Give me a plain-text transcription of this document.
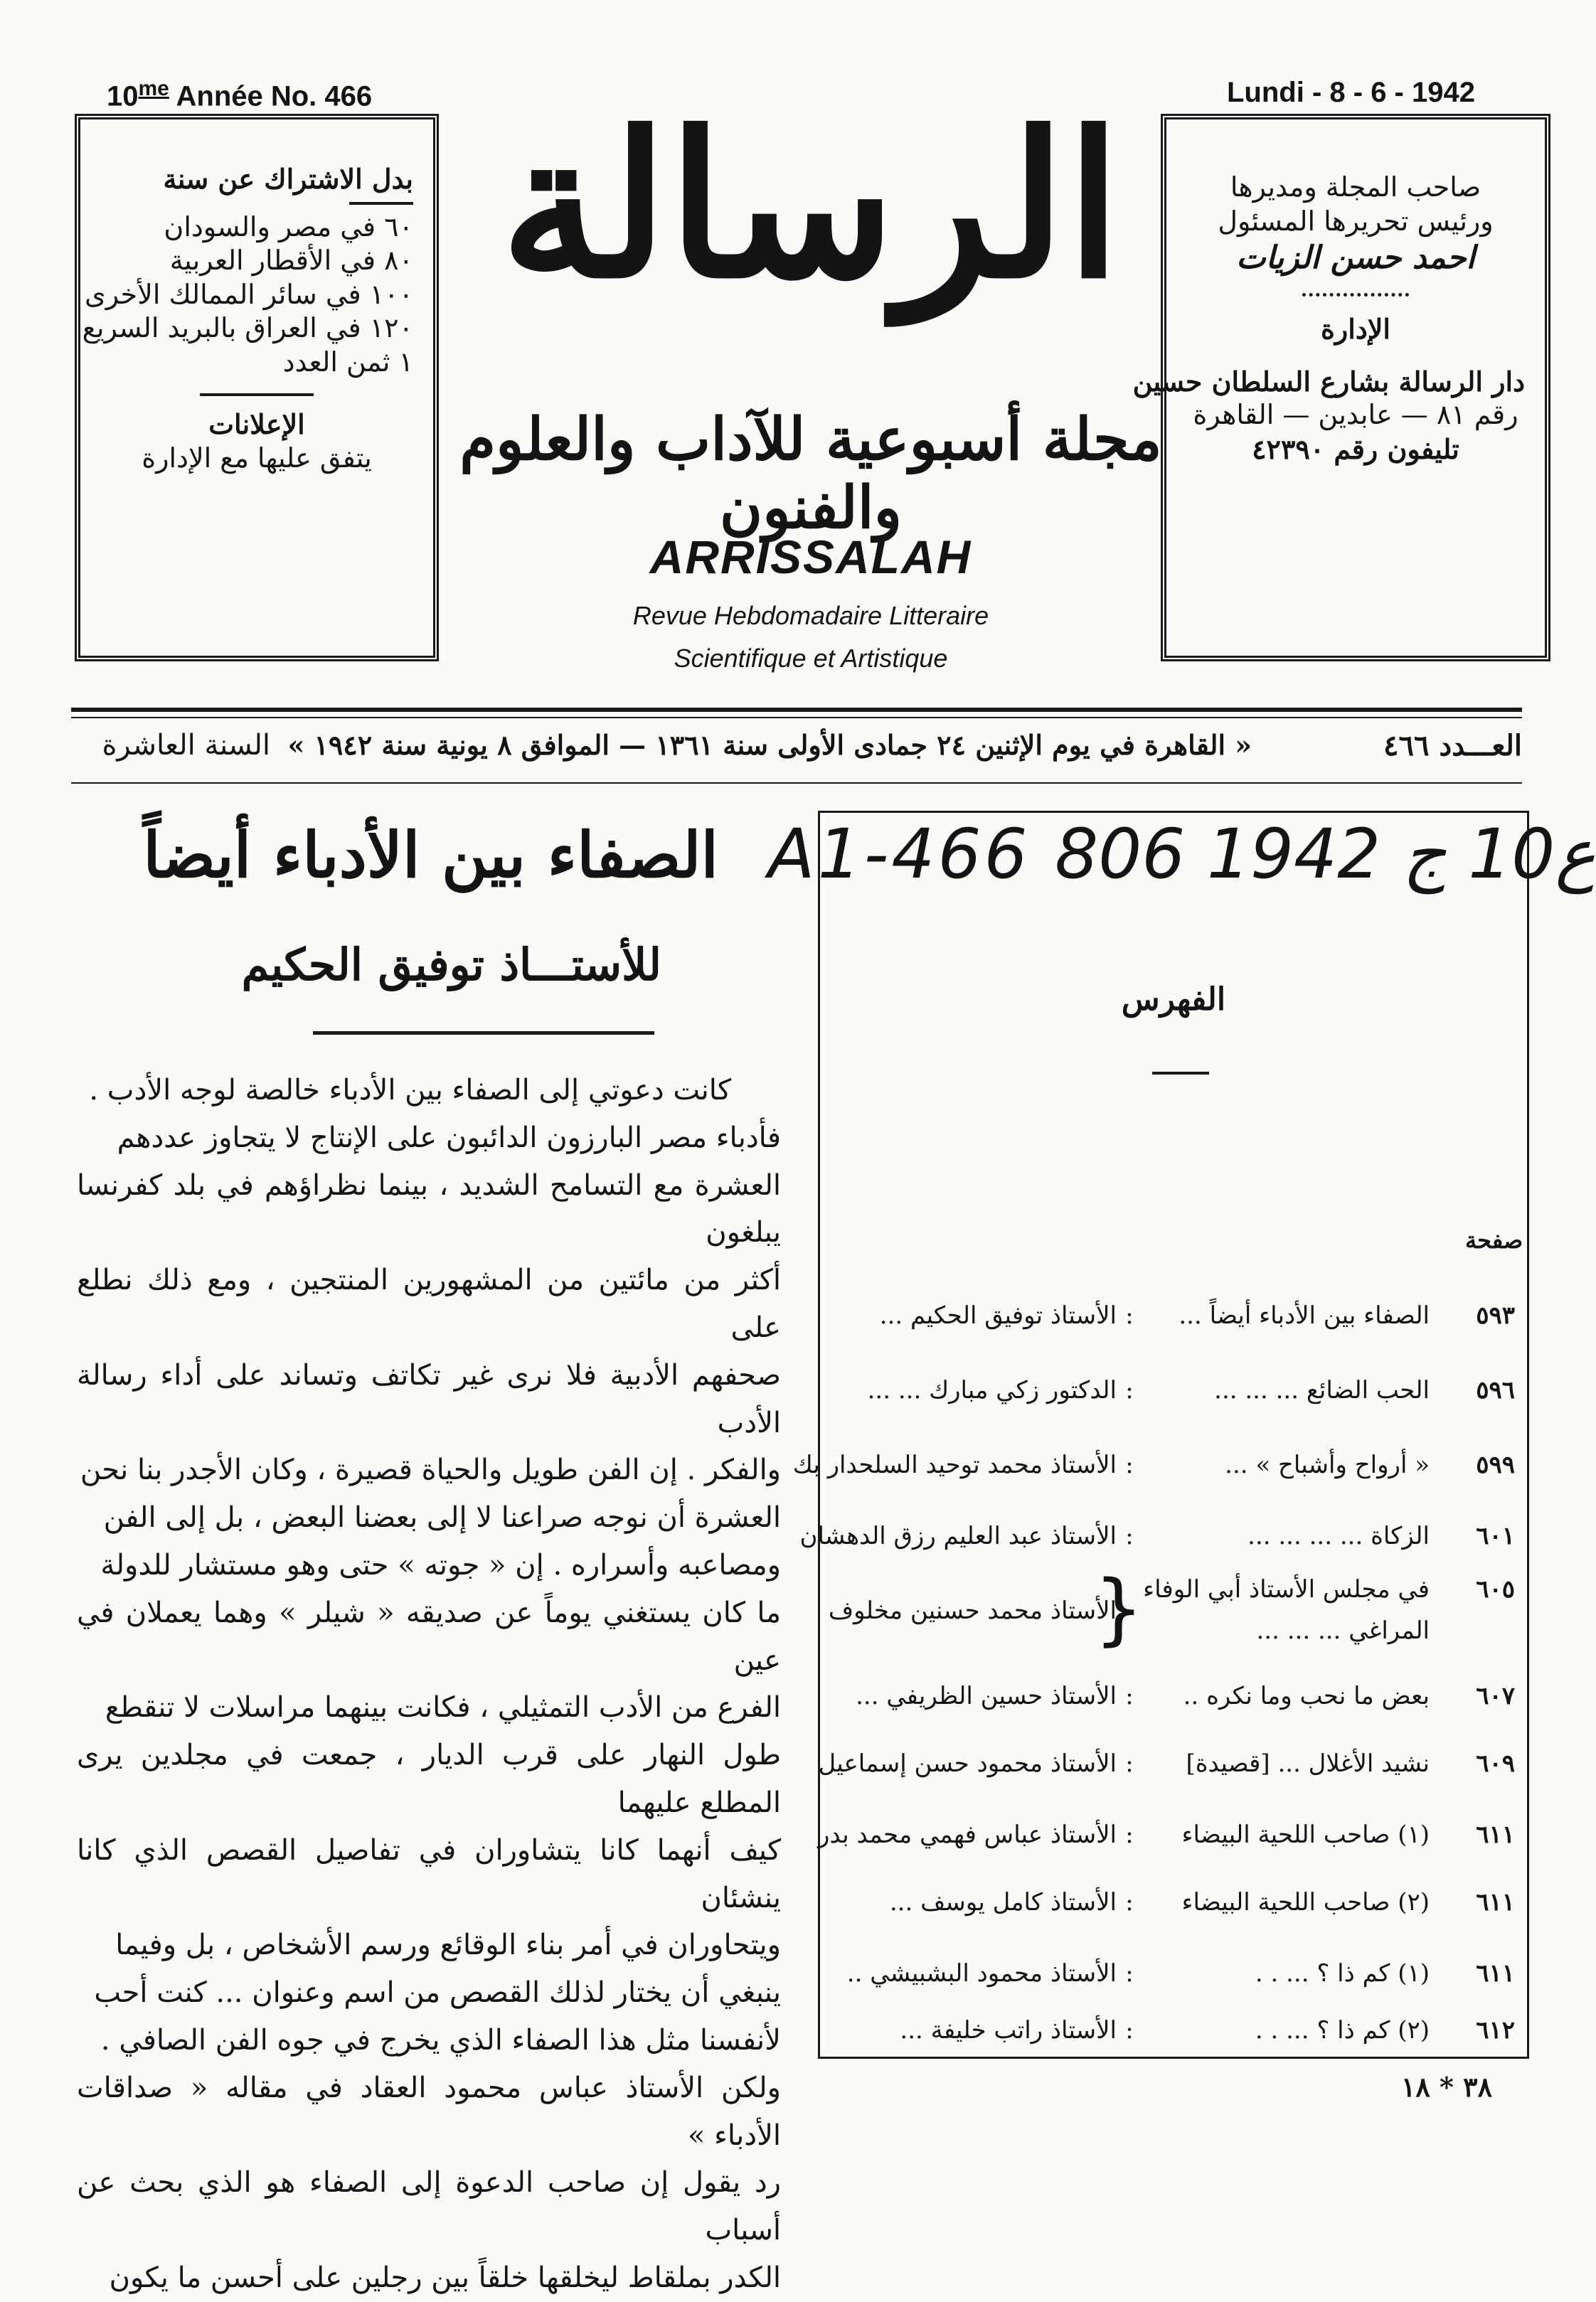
$10^{me}$ Année No. 466	Lundi - 8 - 6 - 1942
بدل الاشتراك عن سنة
٦٠ في مصر والسودان
٨٠ في الأقطار العربية
١٠٠ في سائر الممالك الأخرى
١٢٠ في العراق بالبريد السريع
١ ثمن العدد
الإعلانات
يتفق عليها مع الإدارة
صاحب المجلة ومديرها
ورئيس تحريرها المسئول
احمد حسن الزيات
الإدارة
دار الرسالة بشارع السلطان حسين
رقم ٨١ — عابدين — القاهرة
تليفون رقم ٤٢٣٩٠
الرسالة
مجلة أسبوعية للآداب والعلوم والفنون
ARRISSALAH
Revue Hebdomadaire Litteraire
Scientifique et Artistique
العـــدد ٤٦٦
« القاهرة في يوم الإثنين ٢٤ جمادى الأولى سنة ١٣٦١ — الموافق ٨ يونية سنة ١٩٤٢ »
السنة العاشرة
الصفاء بين الأدباء أيضاً
للأستـــاذ توفيق الحكيم

كانت دعوتي إلى الصفاء بين الأدباء خالصة لوجه الأدب .

فأدباء مصر البارزون الدائبون على الإنتاج لا يتجاوز عددهم

العشرة مع التسامح الشديد ، بينما نظراؤهم في بلد كفرنسا يبلغون

أكثر من مائتين من المشهورين المنتجين ، ومع ذلك نطلع على

صحفهم الأدبية فلا نرى غير تكاتف وتساند على أداء رسالة الأدب

والفكر . إن الفن طويل والحياة قصيرة ، وكان الأجدر بنا نحن

العشرة أن نوجه صراعنا لا إلى بعضنا البعض ، بل إلى الفن

ومصاعبه وأسراره . إن « جوته » حتى وهو مستشار للدولة

ما كان يستغني يوماً عن صديقه « شيلر » وهما يعملان في عين

الفرع من الأدب التمثيلي ، فكانت بينهما مراسلات لا تنقطع

طول النهار على قرب الديار ، جمعت في مجلدين يرى المطلع عليهما

كيف أنهما كانا يتشاوران في تفاصيل القصص الذي كانا ينشئان

ويتحاوران في أمر بناء الوقائع ورسم الأشخاص ، بل وفيما

ينبغي أن يختار لذلك القصص من اسم وعنوان ... كنت أحب

لأنفسنا مثل هذا الصفاء الذي يخرج في جوه الفن الصافي .

ولكن الأستاذ عباس محمود العقاد في مقاله « صداقات الأدباء »

رد يقول إن صاحب الدعوة إلى الصفاء هو الذي بحث عن أسباب

الكدر بملقاط ليخلقها خلقاً بين رجلين على أحسن ما يكون

A1-466 ع10 ج 1942 806
الفهرس
صفحة
٥٩٣
الصفاء بين الأدباء أيضاً ...
:
الأستاذ توفيق الحكيم ...
٥٩٦
الحب الضائع ... ... ...
:
الدكتور زكي مبارك ... ...
٥٩٩
« أرواح وأشباح » ...
:
الأستاذ محمد توحيد السلحدار بك
٦٠١
الزكاة ... ... ... ...
:
الأستاذ عبد العليم رزق الدهشان
٦٠٥
في مجلس الأستاذ أبي الوفاء
المراغي ... ... ...
{
الأستاذ محمد حسنين مخلوف
٦٠٧
بعض ما نحب وما نكره ..
:
الأستاذ حسين الظريفي ...
٦٠٩
نشيد الأغلال ... [قصيدة]
:
الأستاذ محمود حسن إسماعيل
٦١١
(١) صاحب اللحية البيضاء
:
الأستاذ عباس فهمي محمد بدر
٦١١
(٢) صاحب اللحية البيضاء
:
الأستاذ كامل يوسف ...
٦١١
(١) كم ذا ؟ ... . .
:
الأستاذ محمود البشبيشي ..
٦١٢
(٢) كم ذا ؟ ... . .
:
الأستاذ راتب خليفة ...
٣٨ * ١٨
